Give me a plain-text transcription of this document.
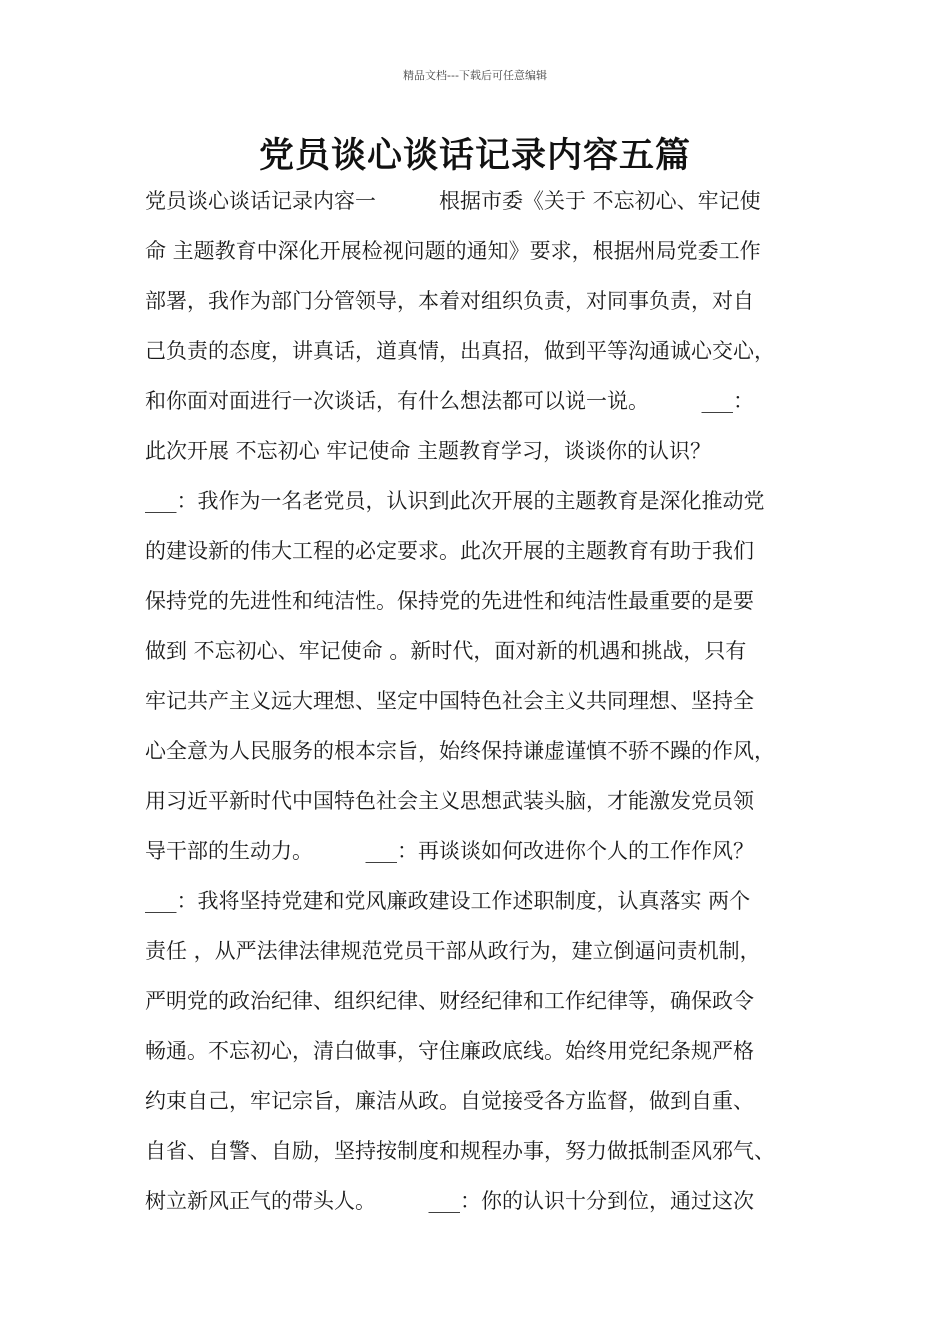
精品文档---下载后可任意编辑
党员谈心谈话记录内容五篇
党员谈心谈话记录内容一　　　根据市委《关于 不忘初心、牢记使
命 主题教育中深化开展检视问题的通知》要求，根据州局党委工作
部署，我作为部门分管领导，本着对组织负责，对同事负责，对自
己负责的态度，讲真话，道真情，出真招，做到平等沟通诚心交心，
和你面对面进行一次谈话，有什么想法都可以说一说。　　　___：
此次开展 不忘初心 牢记使命 主题教育学习，谈谈你的认识？
___：我作为一名老党员，认识到此次开展的主题教育是深化推动党
的建设新的伟大工程的必定要求。此次开展的主题教育有助于我们
保持党的先进性和纯洁性。保持党的先进性和纯洁性最重要的是要
做到 不忘初心、牢记使命 。新时代，面对新的机遇和挑战，只有
牢记共产主义远大理想、坚定中国特色社会主义共同理想、坚持全
心全意为人民服务的根本宗旨，始终保持谦虚谨慎不骄不躁的作风，
用习近平新时代中国特色社会主义思想武装头脑，才能激发党员领
导干部的生动力。　　　___：再谈谈如何改进你个人的工作作风？
___：我将坚持党建和党风廉政建设工作述职制度，认真落实 两个
责任 ，从严法律法律规范党员干部从政行为，建立倒逼问责机制，
严明党的政治纪律、组织纪律、财经纪律和工作纪律等，确保政令
畅通。不忘初心，清白做事，守住廉政底线。始终用党纪条规严格
约束自己，牢记宗旨，廉洁从政。自觉接受各方监督，做到自重、
自省、自警、自励，坚持按制度和规程办事，努力做抵制歪风邪气、
树立新风正气的带头人。　　　___：你的认识十分到位，通过这次
